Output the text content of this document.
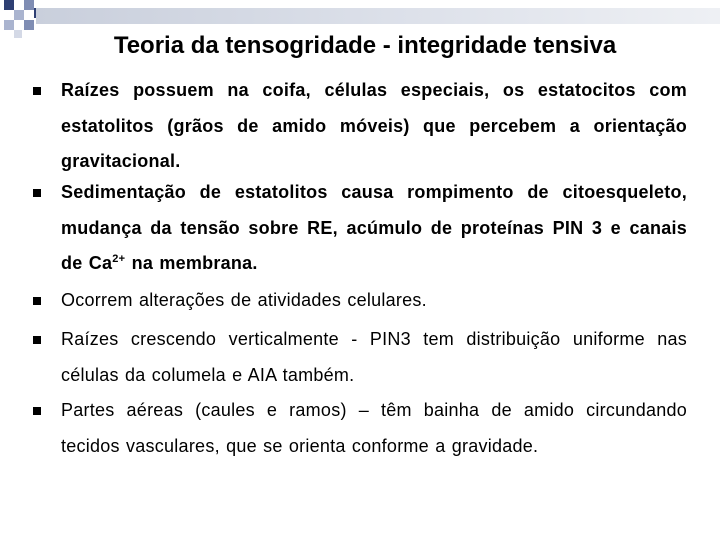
Teoria da tensogridade - integridade tensiva

Raízes possuem na coifa, células especiais, os estatocitos com estatolitos (grãos de amido móveis) que percebem a orientação gravitacional.

Sedimentação de estatolitos causa rompimento de citoesqueleto, mudança da tensão sobre RE, acúmulo de proteínas PIN 3 e canais de $Ca^{2+}$ na membrana.

Ocorrem alterações de atividades celulares.

Raízes crescendo verticalmente - PIN3 tem distribuição uniforme nas células da columela e AIA também.

Partes aéreas (caules e ramos) – têm bainha de amido circundando tecidos vasculares, que se orienta conforme a gravidade.
